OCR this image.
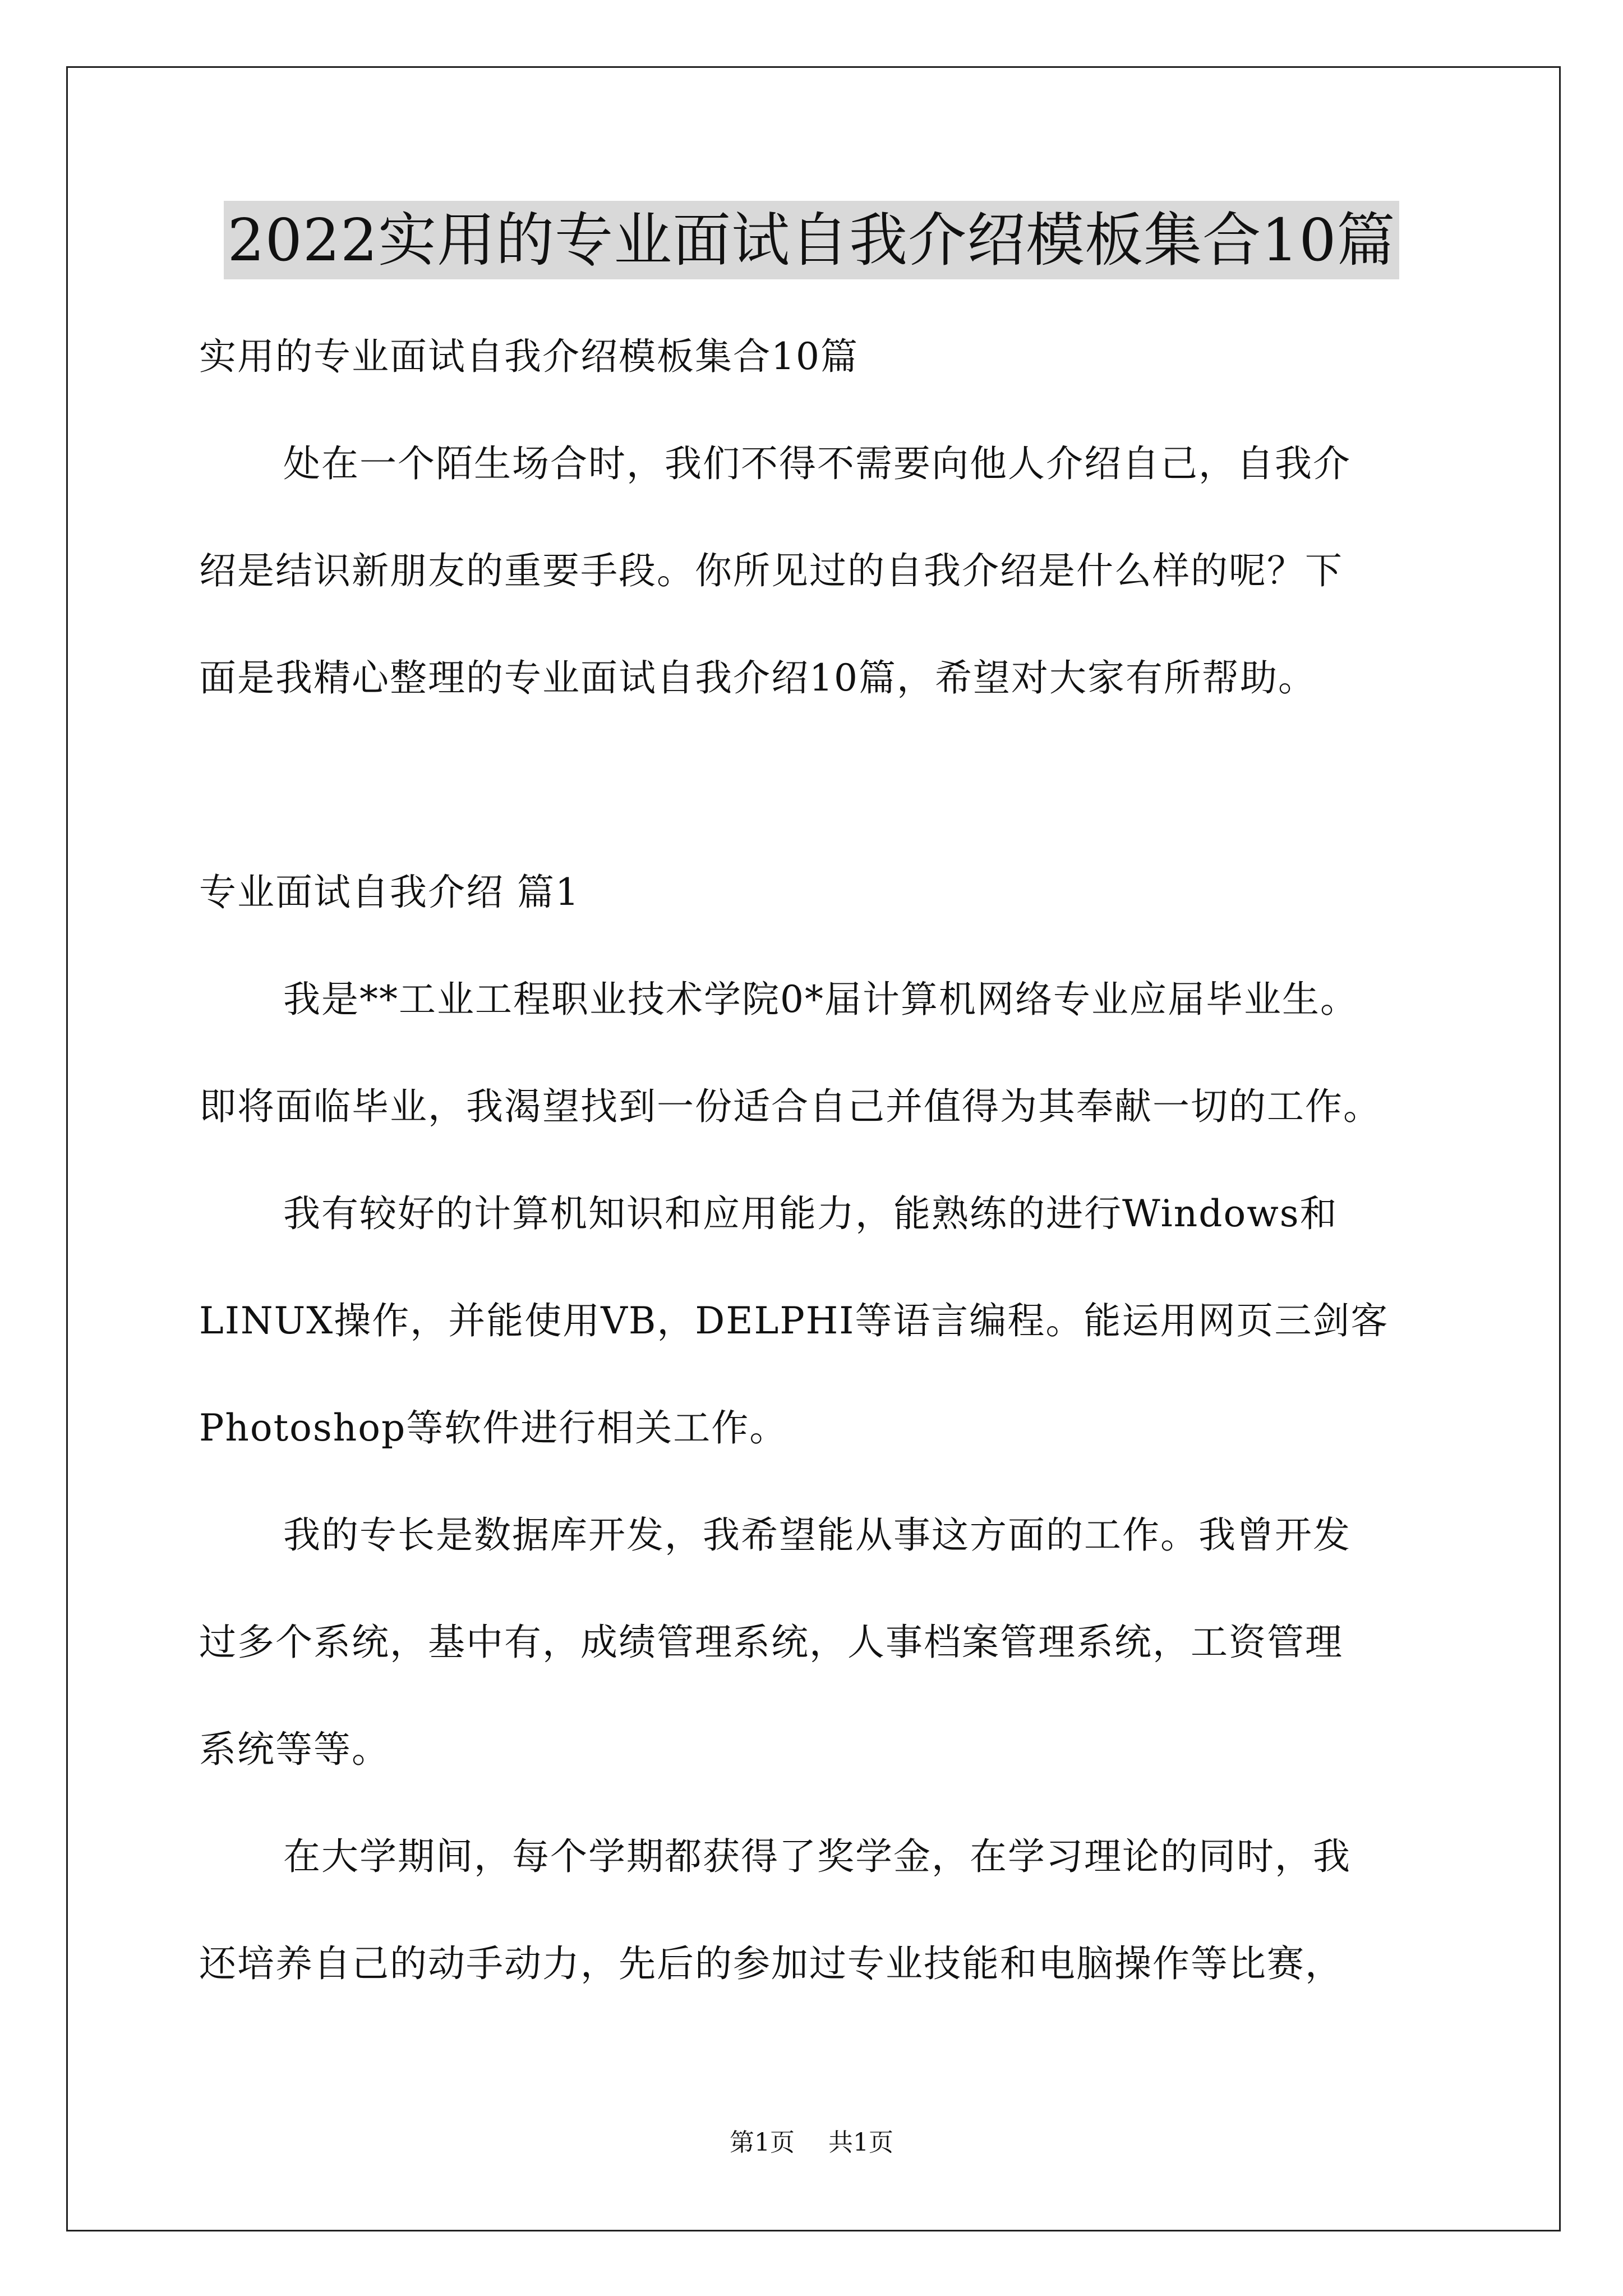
2022实用的专业面试自我介绍模板集合10篇
实用的专业面试自我介绍模板集合10篇
处在一个陌生场合时，我们不得不需要向他人介绍自己，自我介
绍是结识新朋友的重要手段。你所见过的自我介绍是什么样的呢？下
面是我精心整理的专业面试自我介绍10篇，希望对大家有所帮助。
专业面试自我介绍 篇1
我是**工业工程职业技术学院0*届计算机网络专业应届毕业生。
即将面临毕业，我渴望找到一份适合自己并值得为其奉献一切的工作。
我有较好的计算机知识和应用能力，能熟练的进行Windows和
LINUX操作，并能使用VB，DELPHI等语言编程。能运用网页三剑客
Photoshop等软件进行相关工作。
我的专长是数据库开发，我希望能从事这方面的工作。我曾开发
过多个系统，基中有，成绩管理系统，人事档案管理系统，工资管理
系统等等。
在大学期间，每个学期都获得了奖学金，在学习理论的同时，我
还培养自己的动手动力，先后的参加过专业技能和电脑操作等比赛，
第1页 共1页
